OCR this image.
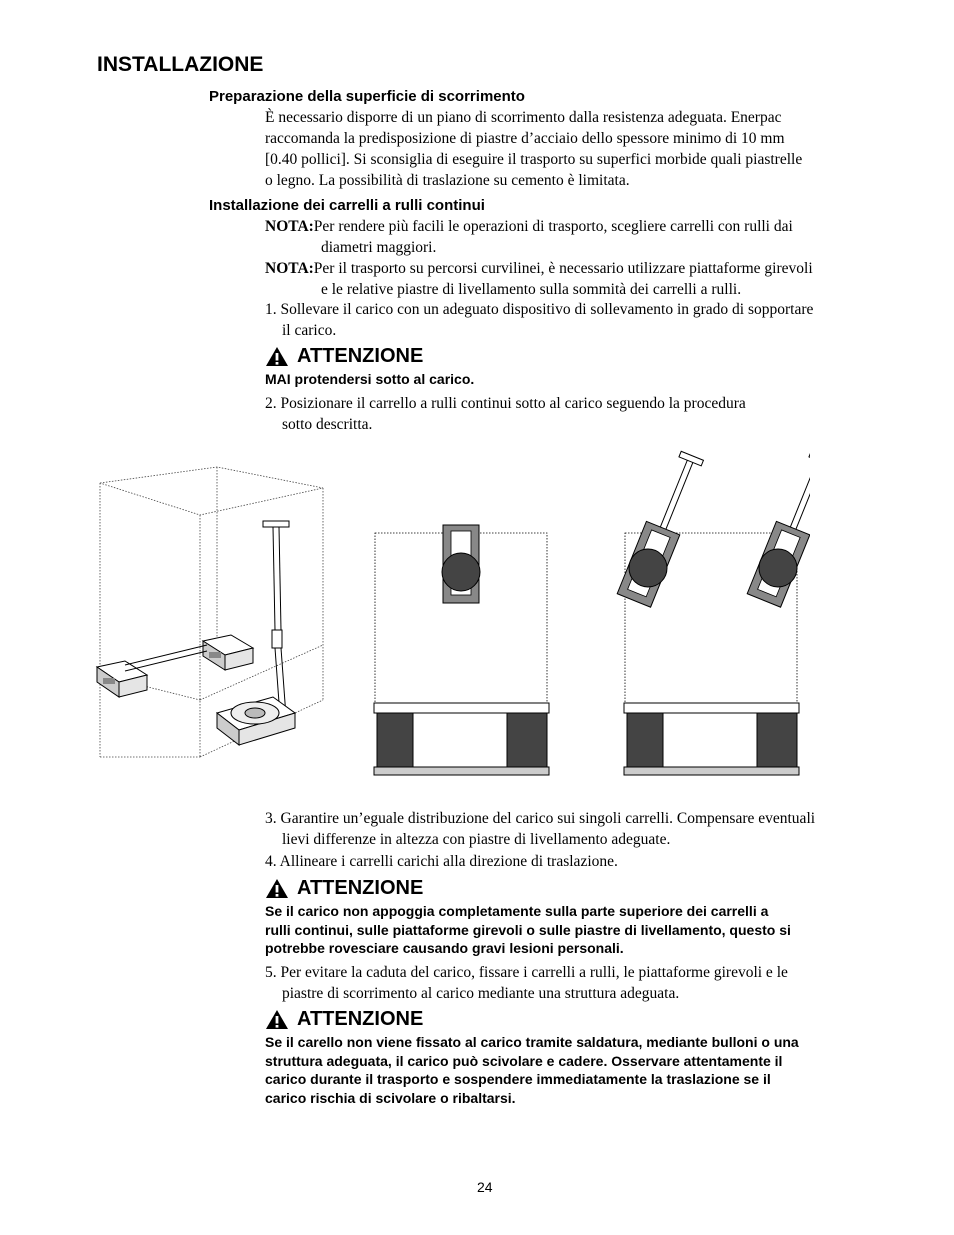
INSTALLAZIONE
Preparazione della superficie di scorrimento
È necessario disporre di un piano di scorrimento dalla resistenza adeguata. Enerpac
raccomanda la predisposizione di piastre d’acciaio dello spessore minimo di 10 mm
[0.40 pollici]. Si sconsiglia di eseguire il trasporto su superfici morbide quali piastrelle
o legno. La possibilità di traslazione su cemento è limitata.
Installazione dei carrelli a rulli continui
NOTA:Per rendere più facili le operazioni di trasporto, scegliere carrelli con rulli dai
diametri maggiori.
NOTA:Per il trasporto su percorsi curvilinei, è necessario utilizzare piattaforme girevoli
e le relative piastre di livellamento sulla sommità dei carrelli a rulli.
1. Sollevare il carico con un adeguato dispositivo di sollevamento in grado di sopportare
il carico.
ATTENZIONE
MAI protendersi sotto al carico.
2. Posizionare il carrello a rulli continui sotto al carico seguendo la procedura
sotto descritta.
3. Garantire un’eguale distribuzione del carico sui singoli carrelli. Compensare eventuali
lievi differenze in altezza con piastre di livellamento adeguate.
4. Allineare i carrelli carichi alla direzione di traslazione.
ATTENZIONE
Se il carico non appoggia completamente sulla parte superiore dei carrelli a
rulli continui, sulle piattaforme girevoli o sulle piastre di livellamento, questo si
potrebbe rovesciare causando gravi lesioni personali.
5. Per evitare la caduta del carico, fissare i carrelli a rulli, le piattaforme girevoli e le
piastre di scorrimento al carico mediante una struttura adeguata.
ATTENZIONE
Se il carello non viene fissato al carico tramite saldatura, mediante bulloni o una
struttura adeguata, il carico può scivolare e cadere. Osservare attentamente il
carico durante il trasporto e sospendere immediatamente la traslazione se il
carico rischia di scivolare o ribaltarsi.
24
